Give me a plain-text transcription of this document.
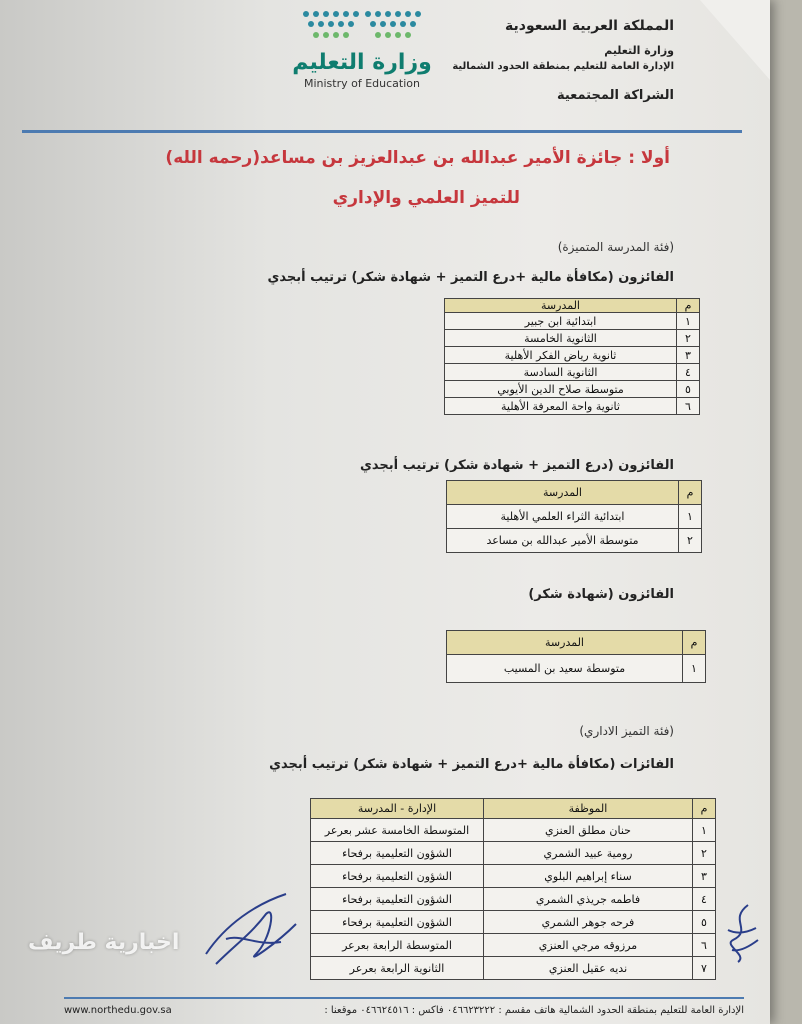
المملكة العربية السعودية
وزارة التعليم
الإدارة العامة للتعليم بمنطقة الحدود الشمالية
الشراكة المجتمعية
وزارة التعليم
Ministry of Education
أولا : جائزة الأمير عبدالله بن عبدالعزيز بن مساعد(رحمه الله)
للتميز العلمي والإداري
(فئة المدرسة المتميزة)
الفائزون (مكافأة مالية +درع التميز + شهادة شكر) ترتيب أبجدي
م	المدرسة
١	ابتدائية ابن جبير
٢	الثانوية الخامسة
٣	ثانوية رياض الفكر الأهلية
٤	الثانوية السادسة
٥	متوسطة صلاح الدين الأيوبي
٦	ثانوية واحة المعرفة الأهلية
الفائزون (درع التميز + شهادة شكر) ترتيب أبجدي
م	المدرسة
١	ابتدائية الثراء العلمي الأهلية
٢	متوسطة الأمير عبدالله بن مساعد
الفائزون (شهادة شكر)
م	المدرسة
١	متوسطة سعيد بن المسيب
(فئة التميز الاداري)
الفائزات (مكافأة مالية +درع التميز + شهادة شكر) ترتيب أبجدي
م	الموظفة	الإدارة - المدرسة
١	حنان مطلق العنزي	المتوسطة الخامسة عشر بعرعر
٢	رومية عبيد الشمري	الشؤون التعليمية برفحاء
٣	سناء إبراهيم البلوي	الشؤون التعليمية برفحاء
٤	فاطمه جريذي الشمري	الشؤون التعليمية برفحاء
٥	فرحه جوهر الشمري	الشؤون التعليمية برفحاء
٦	مرزوقه مرجي العنزي	المتوسطة الرابعة بعرعر
٧	نديه عقيل العنزي	الثانوية الرابعة بعرعر
اخبارية طريف
الإدارة العامة للتعليم بمنطقة الحدود الشمالية هاتف مقسم : ٠٤٦٦٢٣٢٢٢ فاكس : ٠٤٦٦٢٤٥١٦ موقعنا :
www.northedu.gov.sa
